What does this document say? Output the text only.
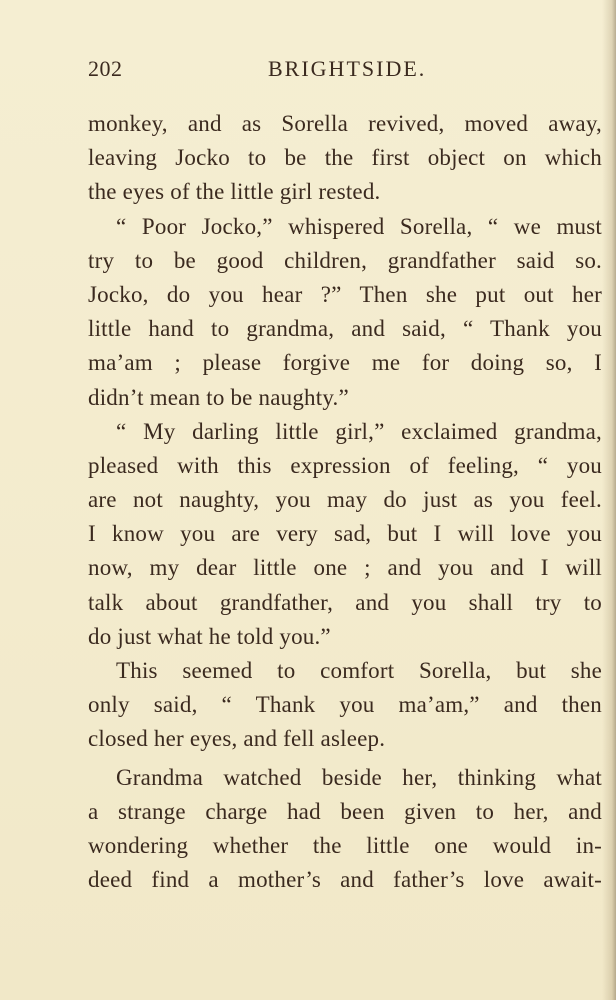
202	BRIGHTSIDE.
monkey, and as Sorella revived, moved away,
leaving Jocko to be the first object on which
the eyes of the little girl rested.
“ Poor Jocko,” whispered Sorella, “ we must
try to be good children, grandfather said so.
Jocko, do you hear ?” Then she put out her
little hand to grandma, and said, “ Thank you
ma’am ; please forgive me for doing so, I
didn’t mean to be naughty.”
“ My darling little girl,” exclaimed grandma,
pleased with this expression of feeling, “ you
are not naughty, you may do just as you feel.
I know you are very sad, but I will love you
now, my dear little one ; and you and I will
talk about grandfather, and you shall try to
do just what he told you.”
This seemed to comfort Sorella, but she
only said, “ Thank you ma’am,” and then
closed her eyes, and fell asleep.
Grandma watched beside her, thinking what
a strange charge had been given to her, and
wondering whether the little one would in-
deed find a mother’s and father’s love await-
